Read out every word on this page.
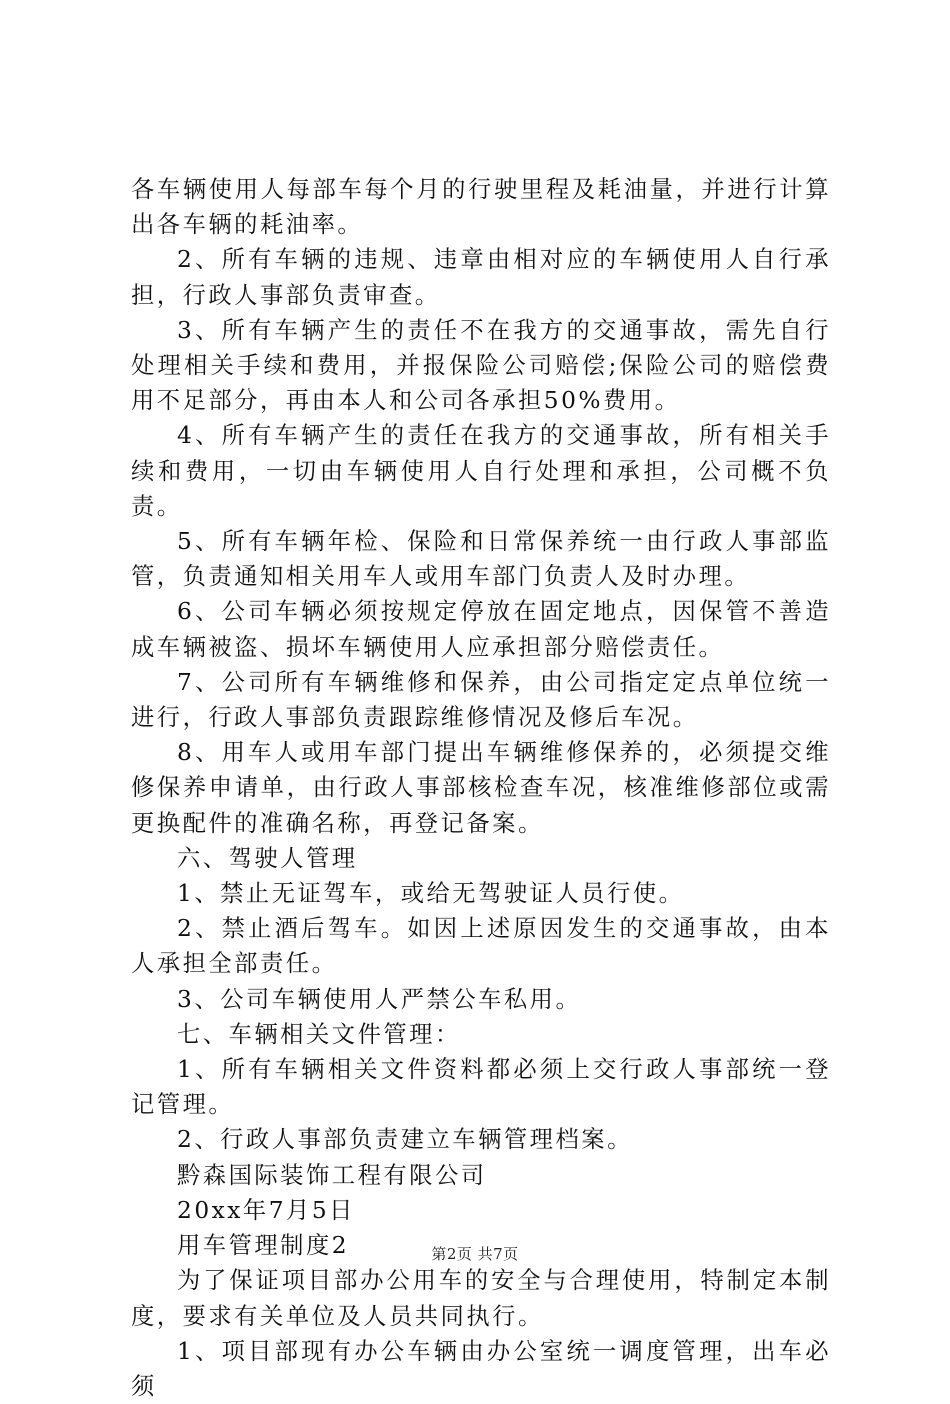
各车辆使用人每部车每个月的行驶里程及耗油量，并进行计算出各车辆的耗油率。

2、所有车辆的违规、违章由相对应的车辆使用人自行承担，行政人事部负责审查。

3、所有车辆产生的责任不在我方的交通事故，需先自行处理相关手续和费用，并报保险公司赔偿;保险公司的赔偿费用不足部分，再由本人和公司各承担50%费用。

4、所有车辆产生的责任在我方的交通事故，所有相关手续和费用，一切由车辆使用人自行处理和承担，公司概不负责。

5、所有车辆年检、保险和日常保养统一由行政人事部监管，负责通知相关用车人或用车部门负责人及时办理。

6、公司车辆必须按规定停放在固定地点，因保管不善造成车辆被盗、损坏车辆使用人应承担部分赔偿责任。

7、公司所有车辆维修和保养，由公司指定定点单位统一进行，行政人事部负责跟踪维修情况及修后车况。

8、用车人或用车部门提出车辆维修保养的，必须提交维修保养申请单，由行政人事部核检查车况，核准维修部位或需更换配件的准确名称，再登记备案。

六、驾驶人管理

1、禁止无证驾车，或给无驾驶证人员行使。

2、禁止酒后驾车。如因上述原因发生的交通事故，由本人承担全部责任。

3、公司车辆使用人严禁公车私用。

七、车辆相关文件管理：

1、所有车辆相关文件资料都必须上交行政人事部统一登记管理。

2、行政人事部负责建立车辆管理档案。

黔森国际装饰工程有限公司

20xx年7月5日

用车管理制度2

为了保证项目部办公用车的安全与合理使用，特制定本制度，要求有关单位及人员共同执行。

1、项目部现有办公车辆由办公室统一调度管理，出车必须

第2页 共7页
